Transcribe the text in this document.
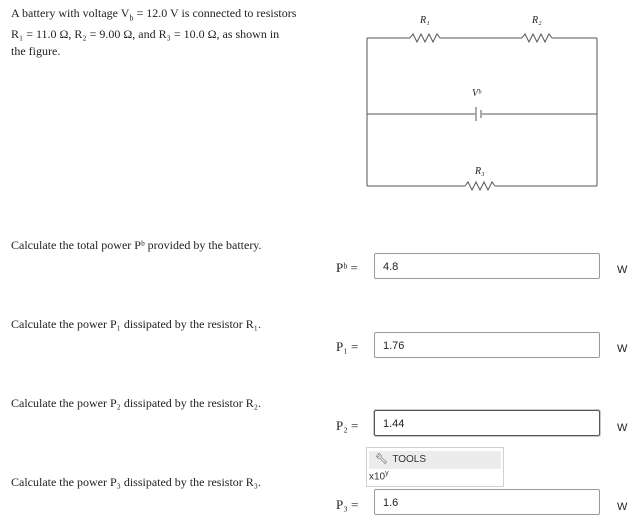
A battery with voltage $V_b = 12.0$ V is connected to resistors
R₁ = 11.0 Ω, R₂ = 9.00 Ω, and R₃ = 10.0 Ω, as shown in
the figure.
R₁	R₂
Vᵇ
R₃
Calculate the total power Pᵇ provided by the battery.
Pᵇ =	4.8	W
Calculate the power P₁ dissipated by the resistor R₁.
P₁ =	1.76	W
Calculate the power P₂ dissipated by the resistor R₂.
P₂ =	1.44	W
🔧︎ TOOLS
x10$^y$
Calculate the power P₃ dissipated by the resistor R₃.
P₃ =	1.6	W
